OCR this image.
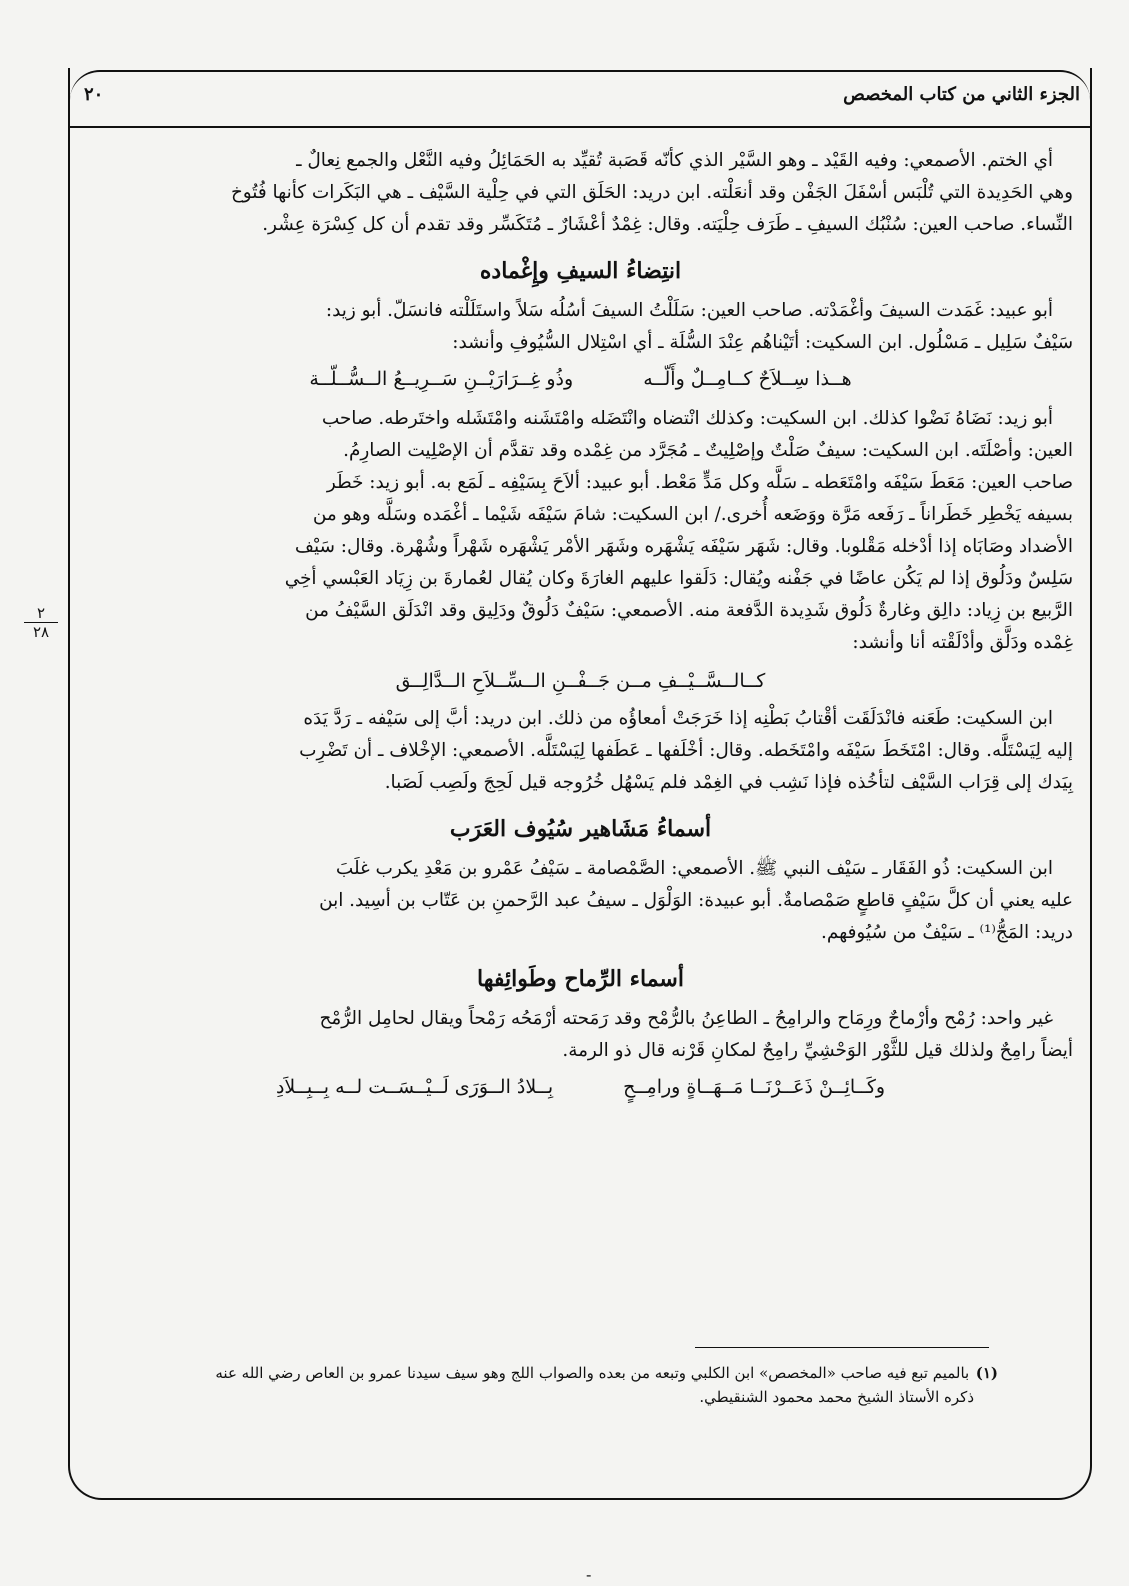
الجزء الثاني من كتاب المخصص
٢٠
٢
٢٨

أي الختم. الأصمعي: وفيه القَيْد ـ وهو السَّيْر الذي كأنّه قَصَبة تُقيِّد به الحَمَائِلُ وفيه النَّعْل والجمع نِعالٌ ـ

وهي الحَدِيدة التي تُلْبَس أسْفَلَ الجَفْن وقد أنعَلْته. ابن دريد: الحَلَق التي في حِلْية السَّيْف ـ هي البَكَرات كأنها فُتُوخ

النِّساء. صاحب العين: سُنْبُك السيفِ ـ طَرَف حِلْيَته. وقال: غِمْدٌ أعْشَارٌ ـ مُتَكَسِّر وقد تقدم أن كل كِسْرَة عِشْر.

انتِضاءُ السيفِ وإِغْماده

أبو عبيد: غَمَدت السيفَ وأغْمَدْته. صاحب العين: سَلَلْتُ السيفَ أسُلُه سَلاً واستَلَلْته فانسَلّ. أبو زيد:

سَيْفٌ سَلِيل ـ مَسْلُول. ابن السكيت: أتَيْناهُم عِنْدَ السُّلَة ـ أي اسْتِلال السُّيُوفِ وأنشد:

هــذا سِــلاَحٌ كــامِــلٌ وأَلّــه
وذُو غِــرَارَيْــنِ سَــرِيــعُ الــسُّــلّــة

أبو زيد: نَضَاهُ نَضْوا كذلك. ابن السكيت: وكذلك انْتضاه وانْتَضَله وامْتَشَنه وامْتَشَله واختَرطه. صاحب

العين: وأصْلَتَه. ابن السكيت: سيفٌ صَلْتٌ وإصْلِيتٌ ـ مُجَرَّد من غِمْده وقد تقدَّم أن الإصْلِيت الصارِمُ.

صاحب العين: مَعَطَ سَيْفَه وامْتَعَطه ـ سَلَّه وكل مَدٍّ مَعْط. أبو عبيد: ألاَحَ بِسَيْفِه ـ لَمَع به. أبو زيد: خَطَر

بسيفه يَخْطِر خَطَراناً ـ رَفَعه مَرَّة ووَضَعه أُخرى./ ابن السكيت: شامَ سَيْفَه شَيْما ـ أغْمَده وسَلَّه وهو من

الأضداد وصَابَاه إذا أدْخله مَقْلوبا. وقال: شَهَر سَيْفَه يَشْهَره وشَهَر الأمْر يَشْهَره شَهْراً وشُهْرة. وقال: سَيْف

سَلِسٌ ودَلُوق إذا لم يَكُن عاضًا في جَفْنه ويُقال: دَلَقوا عليهم الغارَةَ وكان يُقال لعُمارةَ بن زِيَاد العَبْسي أخِي

الرَّبيع بن زِياد: دالِق وغارةٌ دَلُوق شَدِيدة الدَّفعة منه. الأصمعي: سَيْفٌ دَلُوقٌ ودَلِيق وقد انْدَلَق السَّيْفُ من

غِمْده ودَلَّق وأدْلَقْته أنا وأنشد:

كــالــسَّــيْــفِ مــن جَــفْــنِ الــسِّــلاَحِ الــدَّالِــق

ابن السكيت: طَعَنه فانْدَلَقَت أقْتابُ بَطْنِه إذا خَرَجَتْ أمعاؤُه من ذلك. ابن دريد: أبَّ إلى سَيْفه ـ رَدَّ يَدَه

إليه لِيَسْتَلَّه. وقال: امْتَخَطَ سَيْفَه وامْتَخَطه. وقال: أخْلَفها ـ عَطَفها لِيَسْتَلَّه. الأصمعي: الإخْلاف ـ أن تَضْرِب

بِيَدك إلى قِرَاب السَّيْف لتأخُذه فإذا نَشِب في الغِمْد فلم يَسْهُل خُرُوجه قيل لَحِجَ ولَصِب لَصَبا.

أسماءُ مَشَاهير سُيُوف العَرَب

ابن السكيت: ذُو الفَقَار ـ سَيْف النبي ﷺ. الأصمعي: الصَّمْصامة ـ سَيْفُ عَمْرو بن مَعْدِ يكرب غلَبَ

عليه يعني أن كلَّ سَيْفٍ قاطعٍ صَمْصامةٌ. أبو عبيدة: الوَلْوَل ـ سيفُ عبد الرَّحمنِ بن عَتّاب بن أسِيد. ابن

دريد: المَجُّ⁽¹⁾ ـ سَيْفٌ من سُيُوفهم.

أسماء الرِّماح وطَوائِفها

غير واحد: رُمْح وأرْماحٌ ورِمَاح والرامِحُ ـ الطاعِنُ بالرُّمْح وقد رَمَحته أرْمَحُه رَمْحاً ويقال لحامِل الرُّمْح

أيضاً رامِحٌ ولذلك قيل للثَّوْر الوَحْشِيِّ رامِحٌ لمكانِ قَرْنه قال ذو الرمة.

وكَــائِــنْ ذَعَــرْنَــا مَــهَــاةٍ ورامِــحٍ
بِــلادُ الــوَرَى لَــيْــسَــت لــه بِــبِــلاَدِ
(١) بالميم تبع فيه صاحب «المخصص» ابن الكلبي وتبعه من بعده والصواب اللج وهو سيف سيدنا عمرو بن العاص رضي الله عنه
ذكره الأستاذ الشيخ محمد محمود الشنقيطي.
-
